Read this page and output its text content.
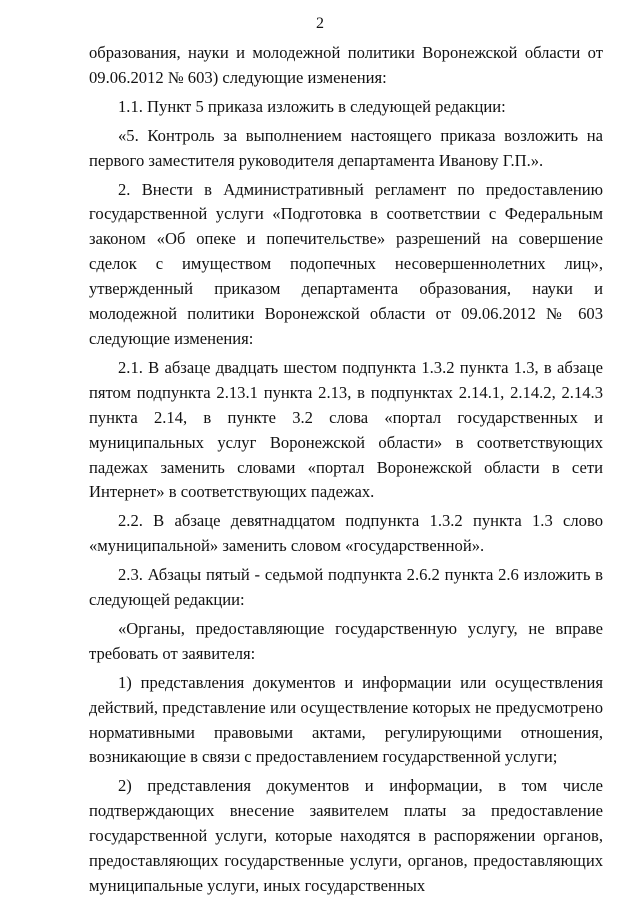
2

образования, науки и молодежной политики Воронежской области от 09.06.2012 № 603) следующие изменения:

1.1. Пункт 5 приказа изложить в следующей редакции:

«5. Контроль за выполнением настоящего приказа возложить на первого заместителя руководителя департамента Иванову Г.П.».

2. Внести в Административный регламент по предоставлению государственной услуги «Подготовка в соответствии с Федеральным законом «Об опеке и попечительстве» разрешений на совершение сделок с имуществом подопечных несовершеннолетних лиц», утвержденный приказом департамента образования, науки и молодежной политики Воронежской области от 09.06.2012 № 603 следующие изменения:

2.1. В абзаце двадцать шестом подпункта 1.3.2 пункта 1.3, в абзаце пятом подпункта 2.13.1 пункта 2.13, в подпунктах 2.14.1, 2.14.2, 2.14.3 пункта 2.14, в пункте 3.2 слова «портал государственных и муниципальных услуг Воронежской области» в соответствующих падежах заменить словами «портал Воронежской области в сети Интернет» в соответствующих падежах.

2.2. В абзаце девятнадцатом подпункта 1.3.2 пункта 1.3 слово «муниципальной» заменить словом «государственной».

2.3. Абзацы пятый - седьмой подпункта 2.6.2 пункта 2.6 изложить в следующей редакции:

«Органы, предоставляющие государственную услугу, не вправе требовать от заявителя:

1) представления документов и информации или осуществления действий, представление или осуществление которых не предусмотрено нормативными правовыми актами, регулирующими отношения, возникающие в связи с предоставлением государственной услуги;

2) представления документов и информации, в том числе подтверждающих внесение заявителем платы за предоставление государственной услуги, которые находятся в распоряжении органов, предоставляющих государственные услуги, органов, предоставляющих муниципальные услуги, иных государственных
